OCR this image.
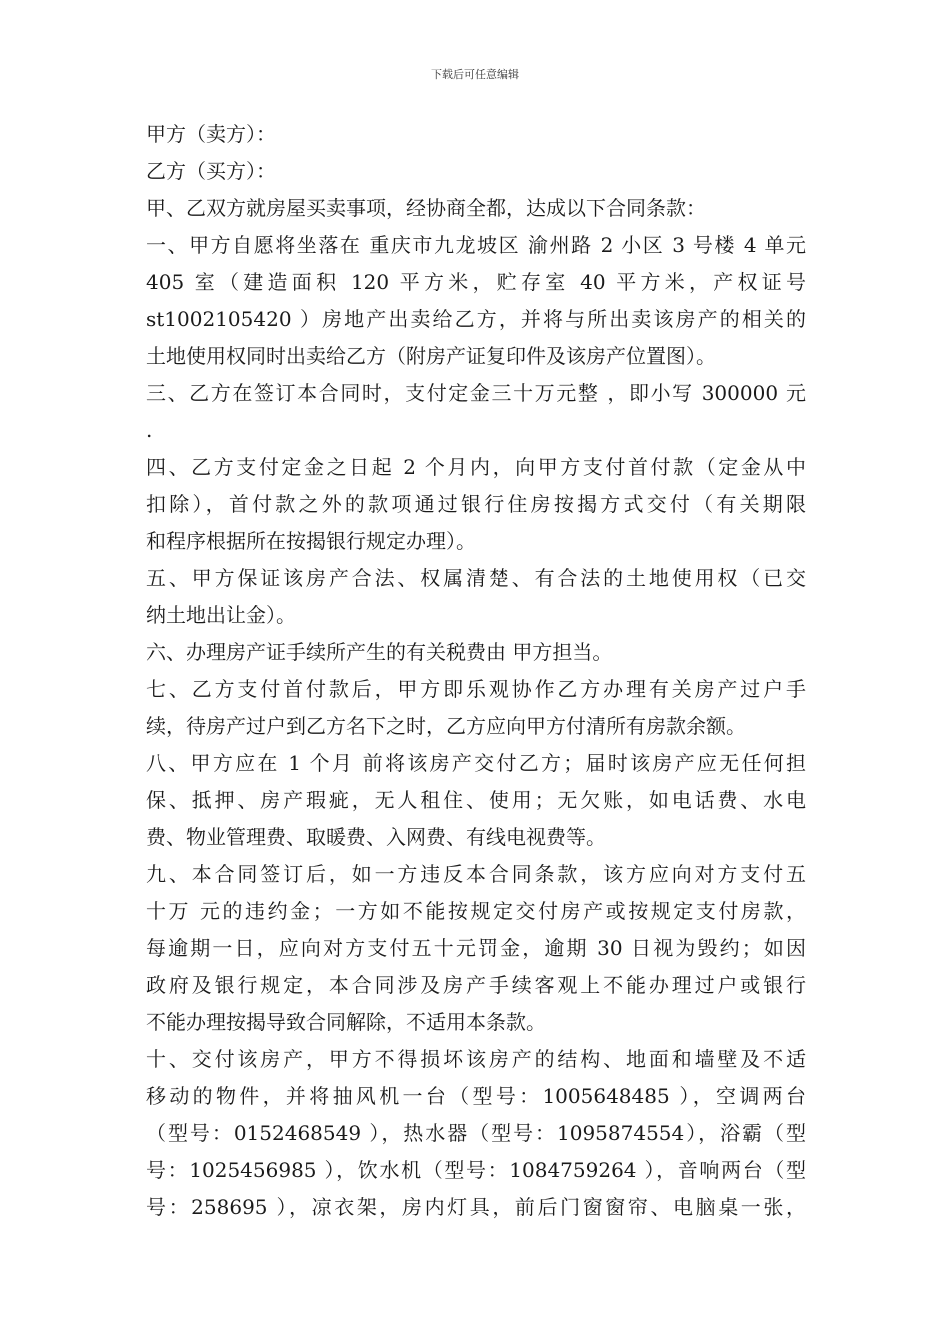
下载后可任意编辑
甲方（卖方）：
乙方（买方）：
甲、乙双方就房屋买卖事项，经协商全都，达成以下合同条款：
一、甲方自愿将坐落在 重庆市九龙坡区 渝州路 2 小区 3 号楼 4 单元
405 室（建造面积 120 平方米，贮存室 40 平方米，产权证号
st1002105420 ）房地产出卖给乙方，并将与所出卖该房产的相关的
土地使用权同时出卖给乙方（附房产证复印件及该房产位置图）。
三、乙方在签订本合同时，支付定金三十万元整 ，即小写 300000 元
.
四、乙方支付定金之日起 2 个月内，向甲方支付首付款（定金从中
扣除），首付款之外的款项通过银行住房按揭方式交付（有关期限
和程序根据所在按揭银行规定办理）。
五、甲方保证该房产合法、权属清楚、有合法的土地使用权（已交
纳土地出让金）。
六、办理房产证手续所产生的有关税费由 甲方担当。
七、乙方支付首付款后，甲方即乐观协作乙方办理有关房产过户手
续，待房产过户到乙方名下之时，乙方应向甲方付清所有房款余额。
八、甲方应在 1 个月 前将该房产交付乙方；届时该房产应无任何担
保、抵押、房产瑕疵，无人租住、使用；无欠账，如电话费、水电
费、物业管理费、取暖费、入网费、有线电视费等。
九、本合同签订后，如一方违反本合同条款，该方应向对方支付五
十万 元的违约金；一方如不能按规定交付房产或按规定支付房款，
每逾期一日，应向对方支付五十元罚金，逾期 30 日视为毁约；如因
政府及银行规定，本合同涉及房产手续客观上不能办理过户或银行
不能办理按揭导致合同解除，不适用本条款。
十、交付该房产，甲方不得损坏该房产的结构、地面和墙壁及不适
移动的物件，并将抽风机一台（型号：1005648485 ），空调两台
（型号：0152468549 ），热水器（型号：1095874554），浴霸（型
号：1025456985 ），饮水机（型号：1084759264 ），音响两台（型
号：258695 ），凉衣架，房内灯具，前后门窗窗帘、电脑桌一张，
